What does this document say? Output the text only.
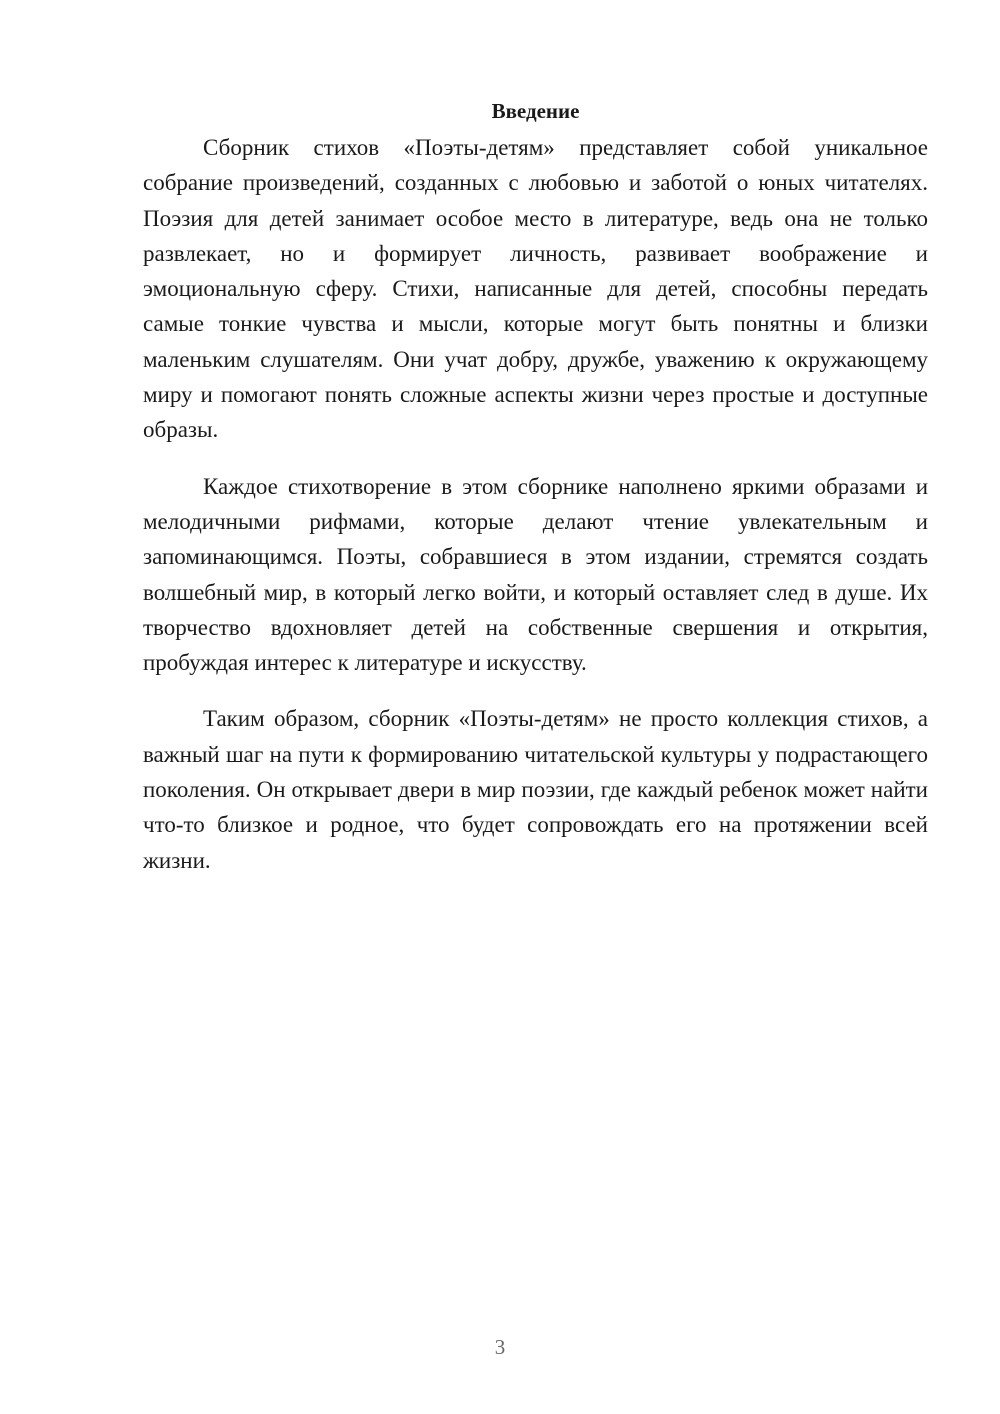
Введение

Сборник стихов «Поэты-детям» представляет собой уникальное собрание произведений, созданных с любовью и заботой о юных читателях. Поэзия для детей занимает особое место в литературе, ведь она не только развлекает, но и формирует личность, развивает воображение и эмоциональную сферу. Стихи, написанные для детей, способны передать самые тонкие чувства и мысли, которые могут быть понятны и близки маленьким слушателям. Они учат добру, дружбе, уважению к окружающему миру и помогают понять сложные аспекты жизни через простые и доступные образы.

Каждое стихотворение в этом сборнике наполнено яркими образами и мелодичными рифмами, которые делают чтение увлекательным и запоминающимся. Поэты, собравшиеся в этом издании, стремятся создать волшебный мир, в который легко войти, и который оставляет след в душе. Их творчество вдохновляет детей на собственные свершения и открытия, пробуждая интерес к литературе и искусству.

Таким образом, сборник «Поэты-детям» не просто коллекция стихов, а важный шаг на пути к формированию читательской культуры у подрастающего поколения. Он открывает двери в мир поэзии, где каждый ребенок может найти что-то близкое и родное, что будет сопровождать его на протяжении всей жизни.

3
